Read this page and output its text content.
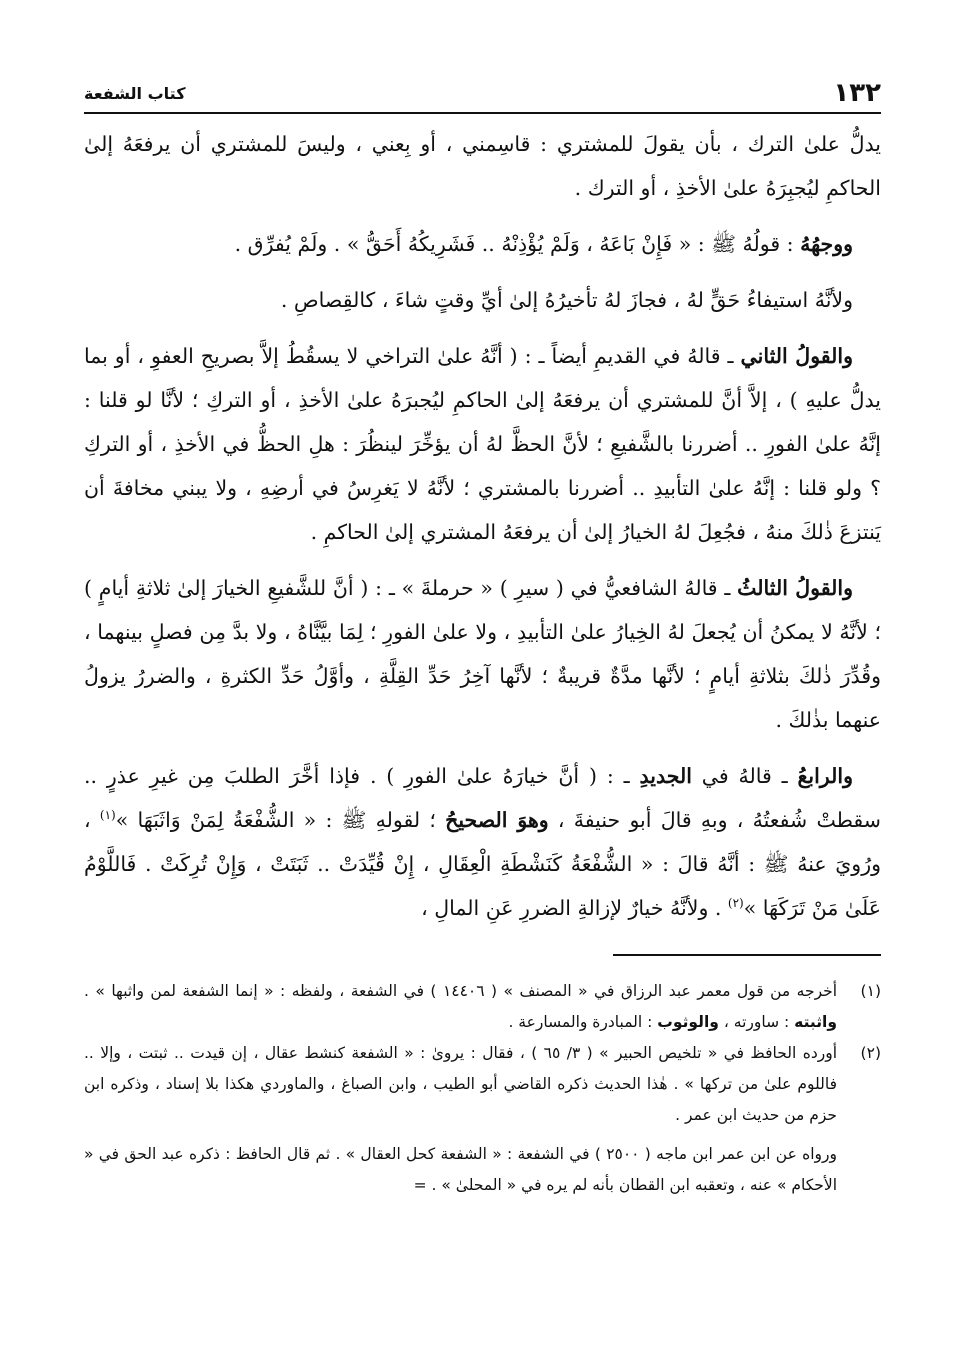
١٣٢
كتاب الشفعة

يدلُّ علىٰ الترك ، بأن يقولَ للمشتري : قاسِمني ، أو بِعني ، وليسَ للمشتري أن يرفعَهُ إلىٰ الحاكمِ ليُجبِرَهُ علىٰ الأخذِ ، أو الترك .

ووجهُهُ : قولُهُ ﷺ : « فَإِنْ بَاعَهُ ، وَلَمْ يُؤْذِنْهُ .. فَشَرِيكُهُ أَحَقُّ » . ولَمْ يُفرِّق .

ولأنَّهُ استيفاءُ حَقٍّ لهُ ، فجازَ لهُ تأخيرُهُ إلىٰ أيِّ وقتٍ شاءَ ، كالقِصاصِ .

والقولُ الثاني ـ قالهُ في القديمِ أيضاً ـ : ( أنَّهُ علىٰ التراخي لا يسقُطُ إلاَّ بصريحِ العفوِ ، أو بما يدلُّ عليهِ ) ، إلاَّ أنَّ للمشتري أن يرفعَهُ إلىٰ الحاكمِ ليُجبرَهُ علىٰ الأخذِ ، أو التركِ ؛ لأنَّا لو قلنا : إنَّهُ علىٰ الفورِ .. أضررنا بالشَّفيعِ ؛ لأنَّ الحظَّ لهُ أن يؤخِّرَ لينظُرَ : هلِ الحظُّ في الأخذِ ، أو التركِ ؟ ولو قلنا : إنَّهُ علىٰ التأبيدِ .. أضررنا بالمشتري ؛ لأنَّهُ لا يَغرِسُ في أرضِهِ ، ولا يبني مخافةَ أن يَنتزعَ ذٰلكَ منهُ ، فجُعِلَ لهُ الخيارُ إلىٰ أن يرفعَهُ المشتري إلىٰ الحاكمِ .

والقولُ الثالثُ ـ قالهُ الشافعيُّ في ( سيرِ ) « حرملةَ » ـ : ( أنَّ للشَّفيعِ الخيارَ إلىٰ ثلاثةِ أيامٍ ) ؛ لأنَّهُ لا يمكنُ أن يُجعلَ لهُ الخِيارُ علىٰ التأبيدِ ، ولا علىٰ الفورِ ؛ لِمَا بيَّنَّاهُ ، ولا بدَّ مِن فصلٍ بينهما ، وقُدِّرَ ذٰلكَ بثلاثةِ أيامٍ ؛ لأنَّها مدَّةٌ قريبةٌ ؛ لأنَّها آخِرُ حَدِّ القِلَّةِ ، وأوَّلُ حَدِّ الكثرةِ ، والضررُ يزولُ عنهما بذٰلكَ .

والرابعُ ـ قالهُ في الجديدِ ـ : ( أنَّ خيارَهُ علىٰ الفورِ ) . فإذا أخَّرَ الطلبَ مِن غيرِ عذرٍ .. سقطتْ شُفعتُهُ ، وبهِ قالَ أبو حنيفةَ ، وهوَ الصحيحُ ؛ لقولهِ ﷺ : « الشُّفْعَةُ لِمَنْ وَاثَبَهَا »$^{(١)}$ ، ورُويَ عنهُ ﷺ : أنَّهُ قالَ : « الشُّفْعَةُ كَنَشْطَةِ الْعِقَالِ ، إِنْ قُيِّدَتْ .. ثَبَتَتْ ، وَإِنْ تُرِكَتْ . فَاللَّوْمُ عَلَىٰ مَنْ تَرَكَهَا »$^{(٢)}$ . ولأنَّهُ خيارٌ لإزالةِ الضررِ عَنِ المالِ ،

(١)
أخرجه من قول معمر عبد الرزاق في « المصنف » ( ١٤٤٠٦ ) في الشفعة ، ولفظه : « إنما الشفعة لمن واثبها » . واثبته : ساورته ، والوثوب : المبادرة والمسارعة .
(٢)
أورده الحافظ في « تلخيص الحبير » ( ٣/ ٦٥ ) ، فقال : يروىٰ : « الشفعة كنشط عقال ، إن قيدت .. ثبتت ، وإلا .. فاللوم علىٰ من تركها » . هٰذا الحديث ذكره القاضي أبو الطيب ، وابن الصباغ ، والماوردي هكذا بلا إسناد ، وذكره ابن حزم من حديث ابن عمر .
ورواه عن ابن عمر ابن ماجه ( ٢٥٠٠ ) في الشفعة : « الشفعة كحل العقال » . ثم قال الحافظ : ذكره عبد الحق في « الأحكام » عنه ، وتعقبه ابن القطان بأنه لم يره في « المحلىٰ » . =
